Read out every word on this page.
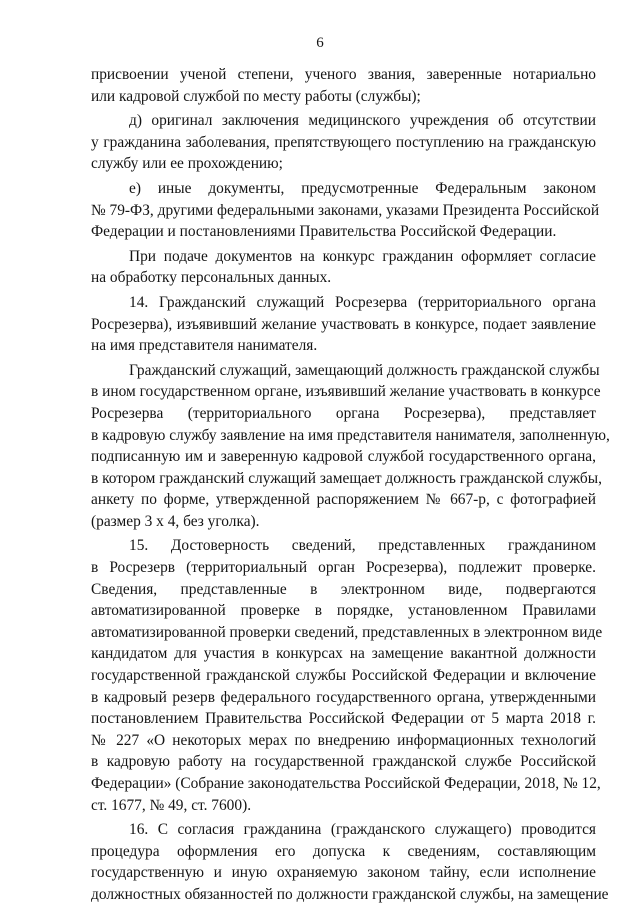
6
присвоении ученой степени, ученого звания, заверенные нотариально
или кадровой службой по месту работы (службы);
д) оригинал заключения медицинского учреждения об отсутствии
у гражданина заболевания, препятствующего поступлению на гражданскую
службу или ее прохождению;
е) иные документы, предусмотренные Федеральным законом
№ 79-ФЗ, другими федеральными законами, указами Президента Российской
Федерации и постановлениями Правительства Российской Федерации.
При подаче документов на конкурс гражданин оформляет согласие
на обработку персональных данных.
14. Гражданский служащий Росрезерва (территориального органа
Росрезерва), изъявивший желание участвовать в конкурсе, подает заявление
на имя представителя нанимателя.
Гражданский служащий, замещающий должность гражданской службы
в ином государственном органе, изъявивший желание участвовать в конкурсе
Росрезерва (территориального органа Росрезерва), представляет
в кадровую службу заявление на имя представителя нанимателя, заполненную,
подписанную им и заверенную кадровой службой государственного органа,
в котором гражданский служащий замещает должность гражданской службы,
анкету по форме, утвержденной распоряжением № 667-р, с фотографией
(размер 3 х 4, без уголка).
15. Достоверность сведений, представленных гражданином
в Росрезерв (территориальный орган Росрезерва), подлежит проверке.
Сведения, представленные в электронном виде, подвергаются
автоматизированной проверке в порядке, установленном Правилами
автоматизированной проверки сведений, представленных в электронном виде
кандидатом для участия в конкурсах на замещение вакантной должности
государственной гражданской службы Российской Федерации и включение
в кадровый резерв федерального государственного органа, утвержденными
постановлением Правительства Российской Федерации от 5 марта 2018 г.
№ 227 «О некоторых мерах по внедрению информационных технологий
в кадровую работу на государственной гражданской службе Российской
Федерации» (Собрание законодательства Российской Федерации, 2018, № 12,
ст. 1677, № 49, ст. 7600).
16. С согласия гражданина (гражданского служащего) проводится
процедура оформления его допуска к сведениям, составляющим
государственную и иную охраняемую законом тайну, если исполнение
должностных обязанностей по должности гражданской службы, на замещение
